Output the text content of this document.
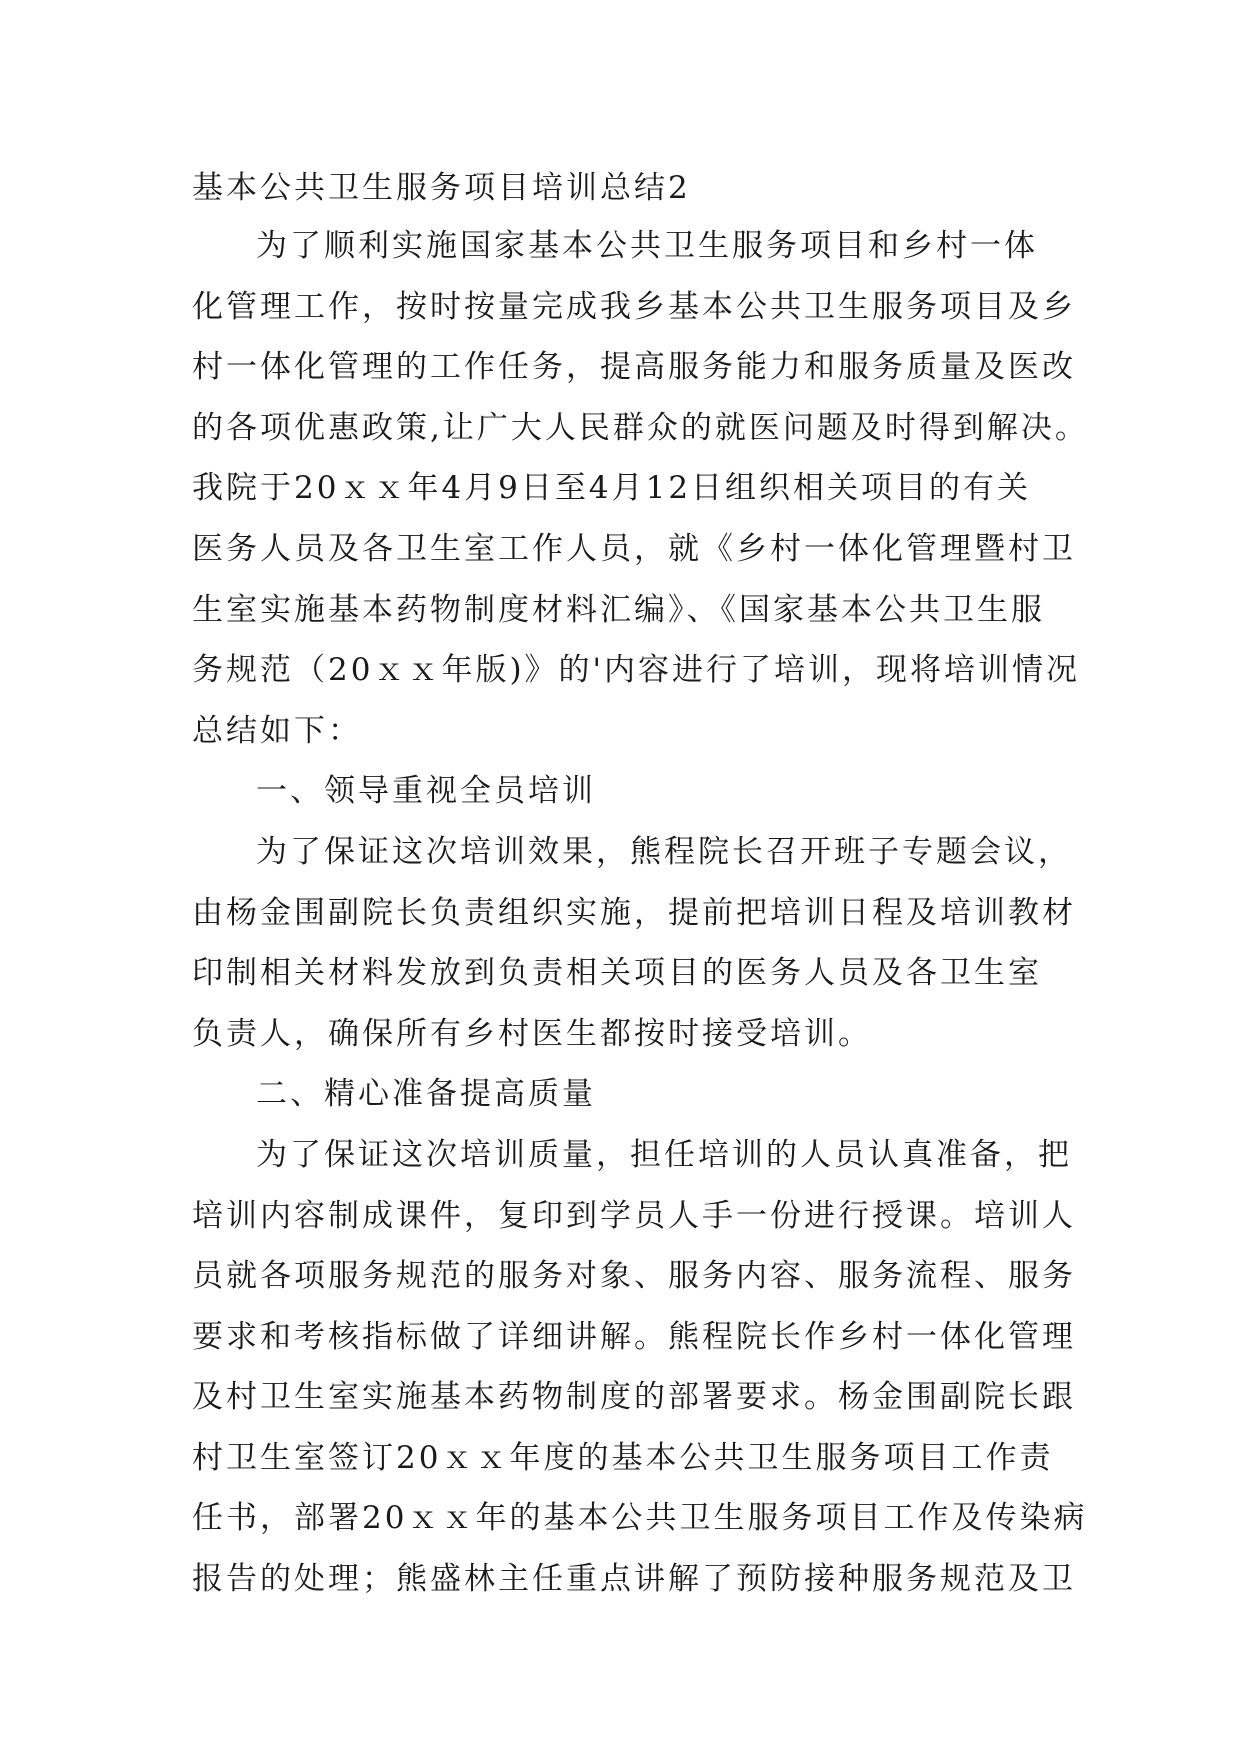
基本公共卫生服务项目培训总结2

为了顺利实施国家基本公共卫生服务项目和乡村一体

化管理工作，按时按量完成我乡基本公共卫生服务项目及乡

村一体化管理的工作任务，提高服务能力和服务质量及医改

的各项优惠政策,让广大人民群众的就医问题及时得到解决。

我院于20ｘｘ年4月9日至4月12日组织相关项目的有关

医务人员及各卫生室工作人员，就《乡村一体化管理暨村卫

生室实施基本药物制度材料汇编》、《国家基本公共卫生服

务规范（20ｘｘ年版)》的'内容进行了培训，现将培训情况

总结如下：

一、领导重视全员培训

为了保证这次培训效果，熊程院长召开班子专题会议，

由杨金围副院长负责组织实施，提前把培训日程及培训教材

印制相关材料发放到负责相关项目的医务人员及各卫生室

负责人，确保所有乡村医生都按时接受培训。

二、精心准备提高质量

为了保证这次培训质量，担任培训的人员认真准备，把

培训内容制成课件，复印到学员人手一份进行授课。培训人

员就各项服务规范的服务对象、服务内容、服务流程、服务

要求和考核指标做了详细讲解。熊程院长作乡村一体化管理

及村卫生室实施基本药物制度的部署要求。杨金围副院长跟

村卫生室签订20ｘｘ年度的基本公共卫生服务项目工作责

任书，部署20ｘｘ年的基本公共卫生服务项目工作及传染病

报告的处理；熊盛林主任重点讲解了预防接种服务规范及卫
